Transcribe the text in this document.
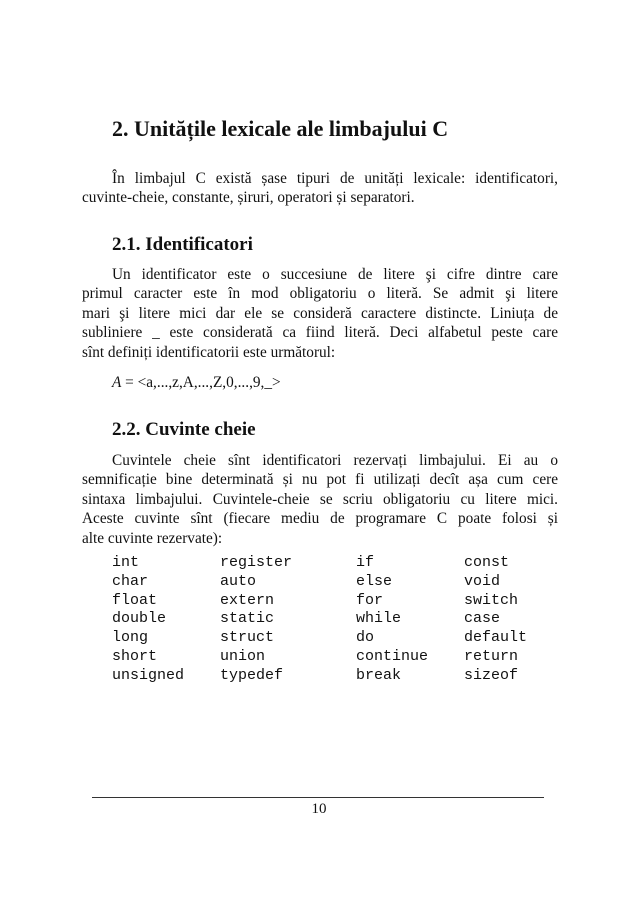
2. Unitățile lexicale ale limbajului C
În limbajul C există șase tipuri de unități lexicale: identificatori,
cuvinte-cheie, constante, șiruri, operatori și separatori.
2.1. Identificatori
Un identificator este o succesiune de litere şi cifre dintre care
primul caracter este în mod obligatoriu o literă. Se admit şi litere
mari şi litere mici dar ele se consideră caractere distincte. Liniuța de
subliniere _ este considerată ca fiind literă. Deci alfabetul peste care
sînt definiți identificatorii este următorul:

A = <a,...,z,A,...,Z,0,...,9,_>

2.2. Cuvinte cheie
Cuvintele cheie sînt identificatori rezervați limbajului. Ei au o
semnificație bine determinată și nu pot fi utilizați decît așa cum cere
sintaxa limbajului. Cuvintele-cheie se scriu obligatoriu cu litere mici.
Aceste cuvinte sînt (fiecare mediu de programare C poate folosi și
alte cuvinte rezervate):
int	register	if	const
char	auto	else	void
float	extern	for	switch
double	static	while	case
long	struct	do	default
short	union	continue	return
unsigned	typedef	break	sizeof

10
